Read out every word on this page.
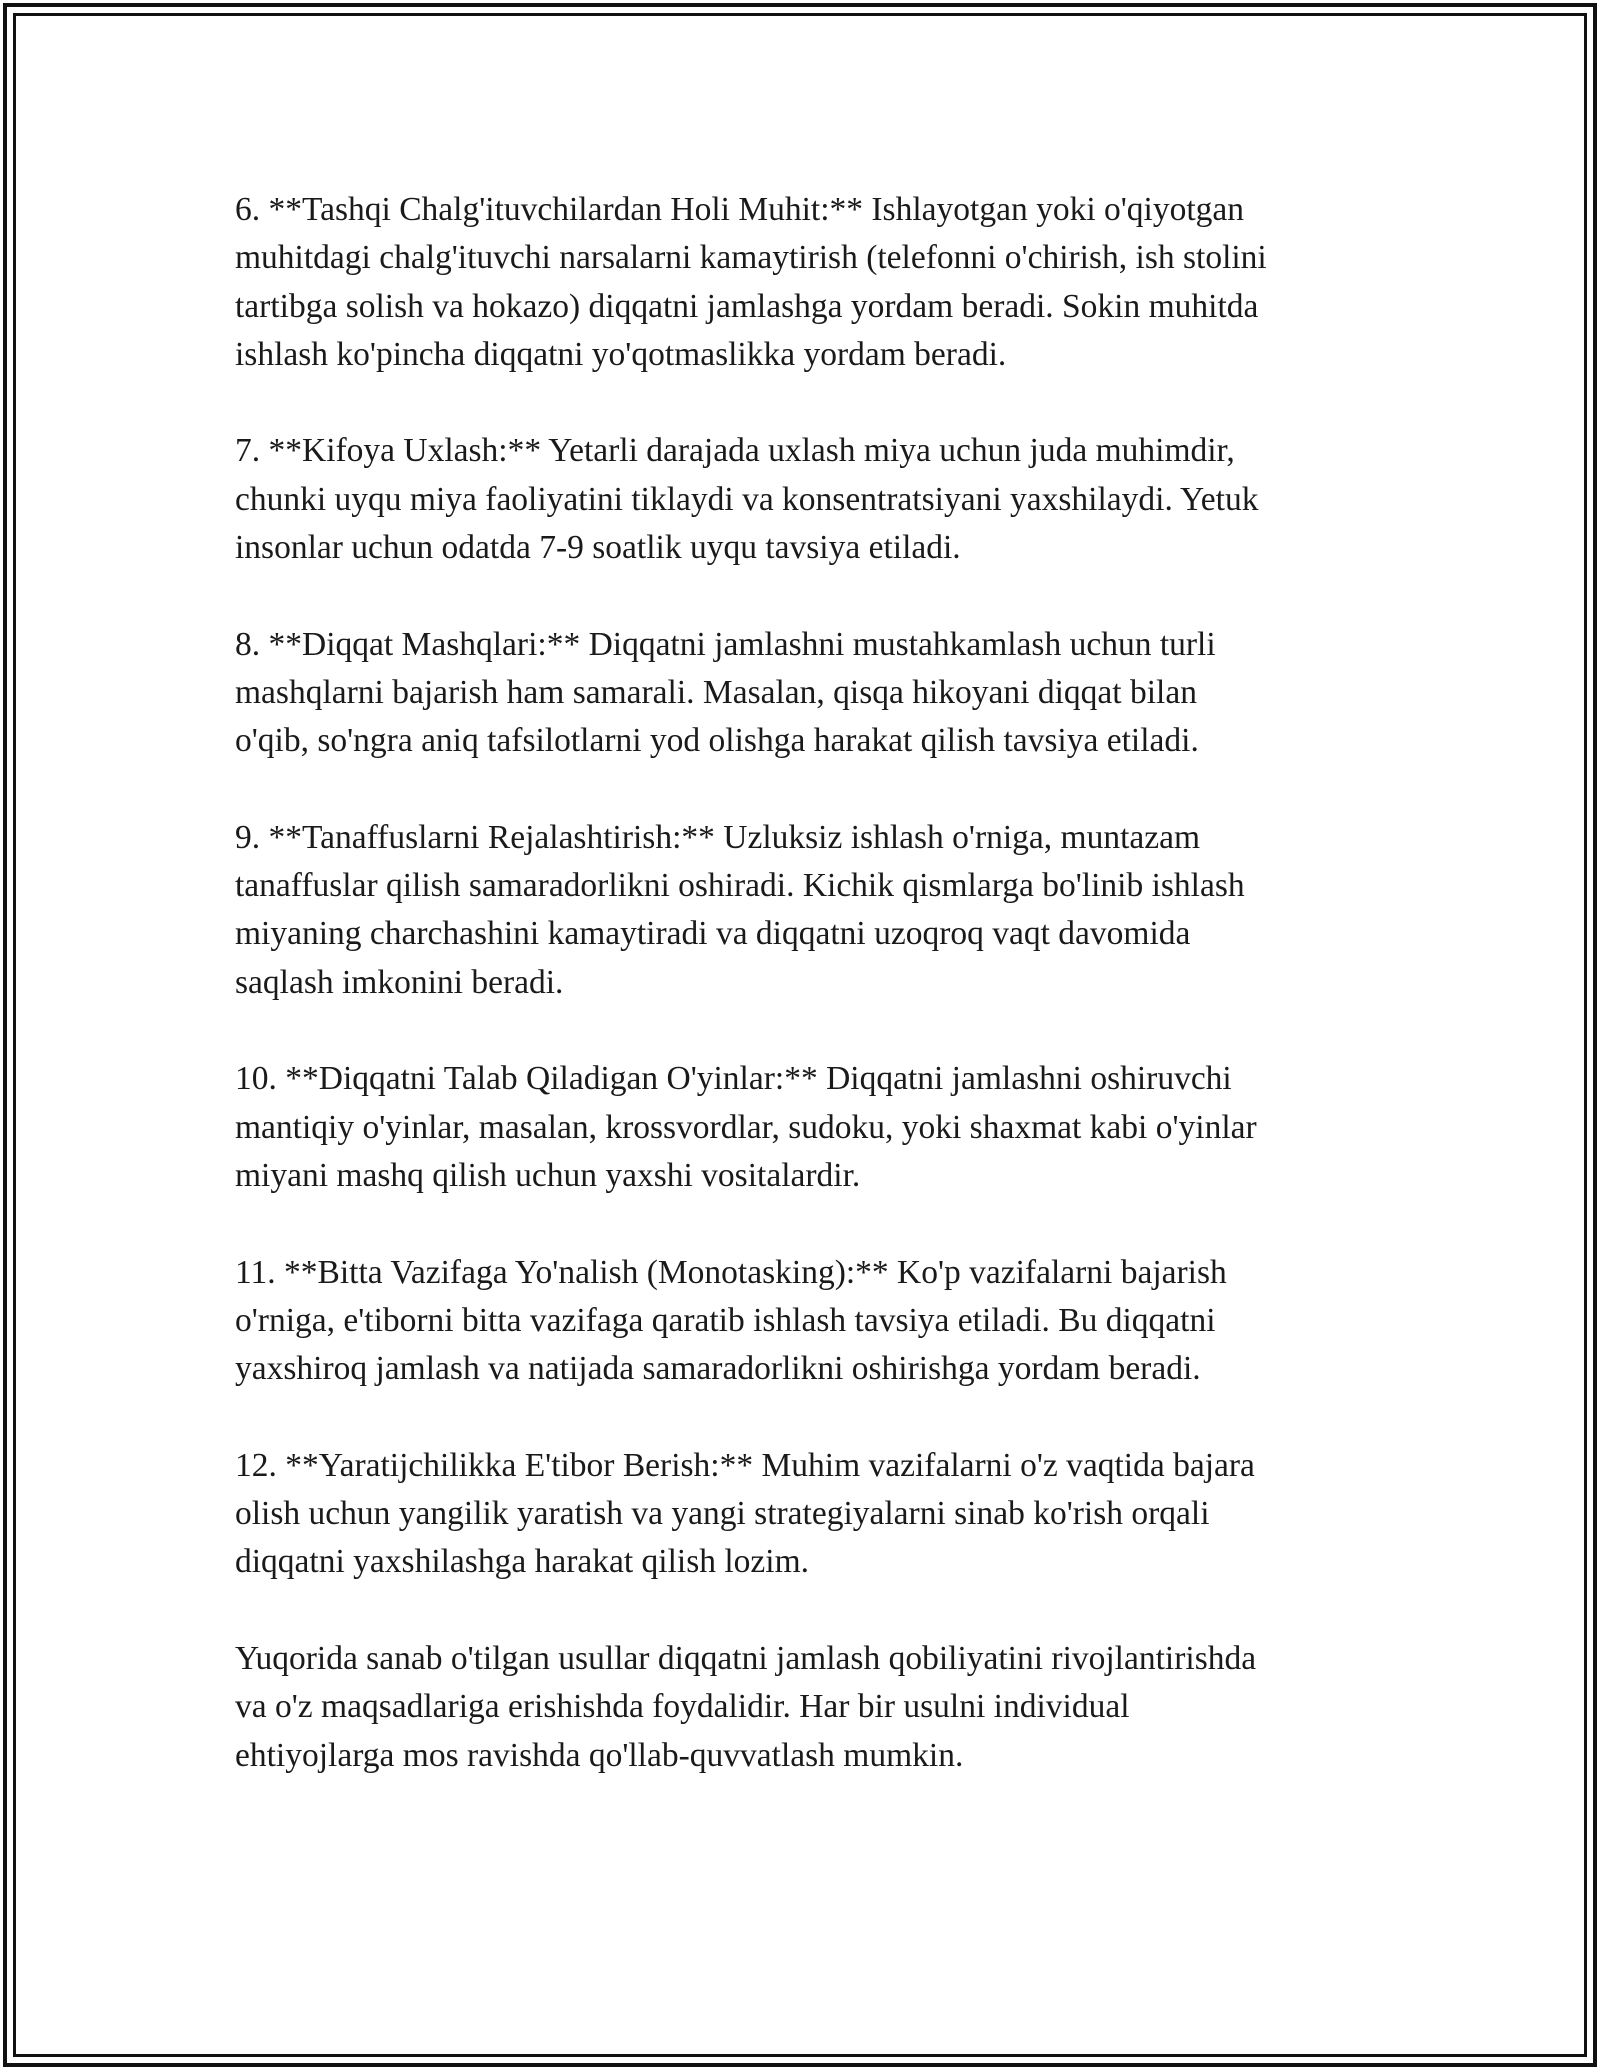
6. **Tashqi Chalg'ituvchilardan Holi Muhit:** Ishlayotgan yoki o'qiyotgan
muhitdagi chalg'ituvchi narsalarni kamaytirish (telefonni o'chirish, ish stolini
tartibga solish va hokazo) diqqatni jamlashga yordam beradi. Sokin muhitda
ishlash ko'pincha diqqatni yo'qotmaslikka yordam beradi.

7. **Kifoya Uxlash:** Yetarli darajada uxlash miya uchun juda muhimdir,
chunki uyqu miya faoliyatini tiklaydi va konsentratsiyani yaxshilaydi. Yetuk
insonlar uchun odatda 7-9 soatlik uyqu tavsiya etiladi.

8. **Diqqat Mashqlari:** Diqqatni jamlashni mustahkamlash uchun turli
mashqlarni bajarish ham samarali. Masalan, qisqa hikoyani diqqat bilan
o'qib, so'ngra aniq tafsilotlarni yod olishga harakat qilish tavsiya etiladi.

9. **Tanaffuslarni Rejalashtirish:** Uzluksiz ishlash o'rniga, muntazam
tanaffuslar qilish samaradorlikni oshiradi. Kichik qismlarga bo'linib ishlash
miyaning charchashini kamaytiradi va diqqatni uzoqroq vaqt davomida
saqlash imkonini beradi.

10. **Diqqatni Talab Qiladigan O'yinlar:** Diqqatni jamlashni oshiruvchi
mantiqiy o'yinlar, masalan, krossvordlar, sudoku, yoki shaxmat kabi o'yinlar
miyani mashq qilish uchun yaxshi vositalardir.

11. **Bitta Vazifaga Yo'nalish (Monotasking):** Ko'p vazifalarni bajarish
o'rniga, e'tiborni bitta vazifaga qaratib ishlash tavsiya etiladi. Bu diqqatni
yaxshiroq jamlash va natijada samaradorlikni oshirishga yordam beradi.

12. **Yaratijchilikka E'tibor Berish:** Muhim vazifalarni o'z vaqtida bajara
olish uchun yangilik yaratish va yangi strategiyalarni sinab ko'rish orqali
diqqatni yaxshilashga harakat qilish lozim.

Yuqorida sanab o'tilgan usullar diqqatni jamlash qobiliyatini rivojlantirishda
va o'z maqsadlariga erishishda foydalidir. Har bir usulni individual
ehtiyojlarga mos ravishda qo'llab-quvvatlash mumkin.
